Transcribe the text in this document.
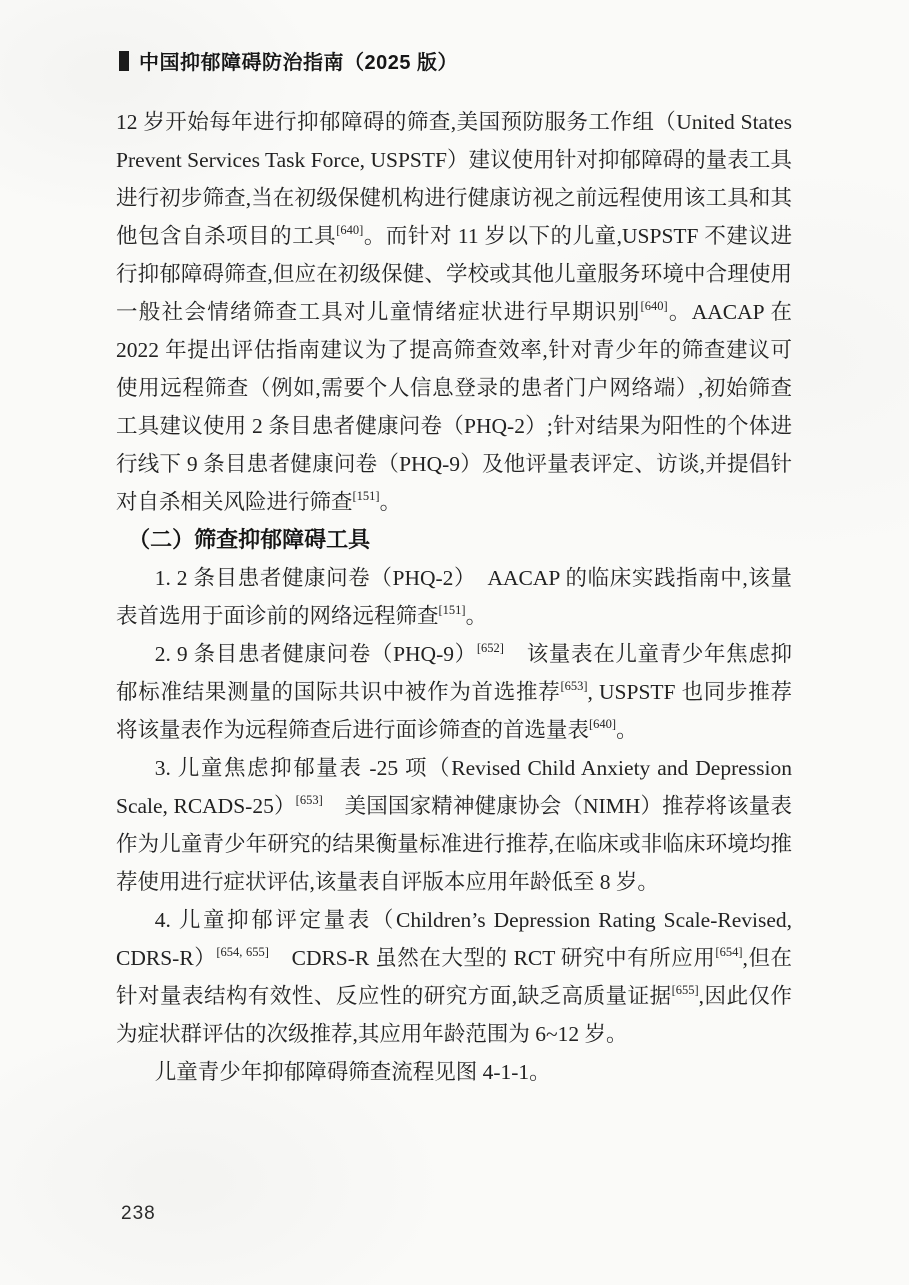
中国抑郁障碍防治指南（2025 版）

12 岁开始每年进行抑郁障碍的筛查,美国预防服务工作组（United States Prevent Services Task Force, USPSTF）建议使用针对抑郁障碍的量表工具进行初步筛查,当在初级保健机构进行健康访视之前远程使用该工具和其他包含自杀项目的工具[640]。而针对 11 岁以下的儿童,USPSTF 不建议进行抑郁障碍筛查,但应在初级保健、学校或其他儿童服务环境中合理使用一般社会情绪筛查工具对儿童情绪症状进行早期识别[640]。AACAP 在 2022 年提出评估指南建议为了提高筛查效率,针对青少年的筛查建议可使用远程筛查（例如,需要个人信息登录的患者门户网络端）,初始筛查工具建议使用 2 条目患者健康问卷（PHQ-2）;针对结果为阳性的个体进行线下 9 条目患者健康问卷（PHQ-9）及他评量表评定、访谈,并提倡针对自杀相关风险进行筛查[151]。

（二）筛查抑郁障碍工具

1. 2 条目患者健康问卷（PHQ-2）　AACAP 的临床实践指南中,该量表首选用于面诊前的网络远程筛查[151]。

2. 9 条目患者健康问卷（PHQ-9）[652]　该量表在儿童青少年焦虑抑郁标准结果测量的国际共识中被作为首选推荐[653], USPSTF 也同步推荐将该量表作为远程筛查后进行面诊筛查的首选量表[640]。

3. 儿童焦虑抑郁量表 -25 项（Revised Child Anxiety and Depression Scale, RCADS-25）[653]　美国国家精神健康协会（NIMH）推荐将该量表作为儿童青少年研究的结果衡量标准进行推荐,在临床或非临床环境均推荐使用进行症状评估,该量表自评版本应用年龄低至 8 岁。

4. 儿童抑郁评定量表（Children’s Depression Rating Scale-Revised, CDRS-R）[654, 655]　CDRS-R 虽然在大型的 RCT 研究中有所应用[654],但在针对量表结构有效性、反应性的研究方面,缺乏高质量证据[655],因此仅作为症状群评估的次级推荐,其应用年龄范围为 6~12 岁。

儿童青少年抑郁障碍筛查流程见图 4-1-1。

238
